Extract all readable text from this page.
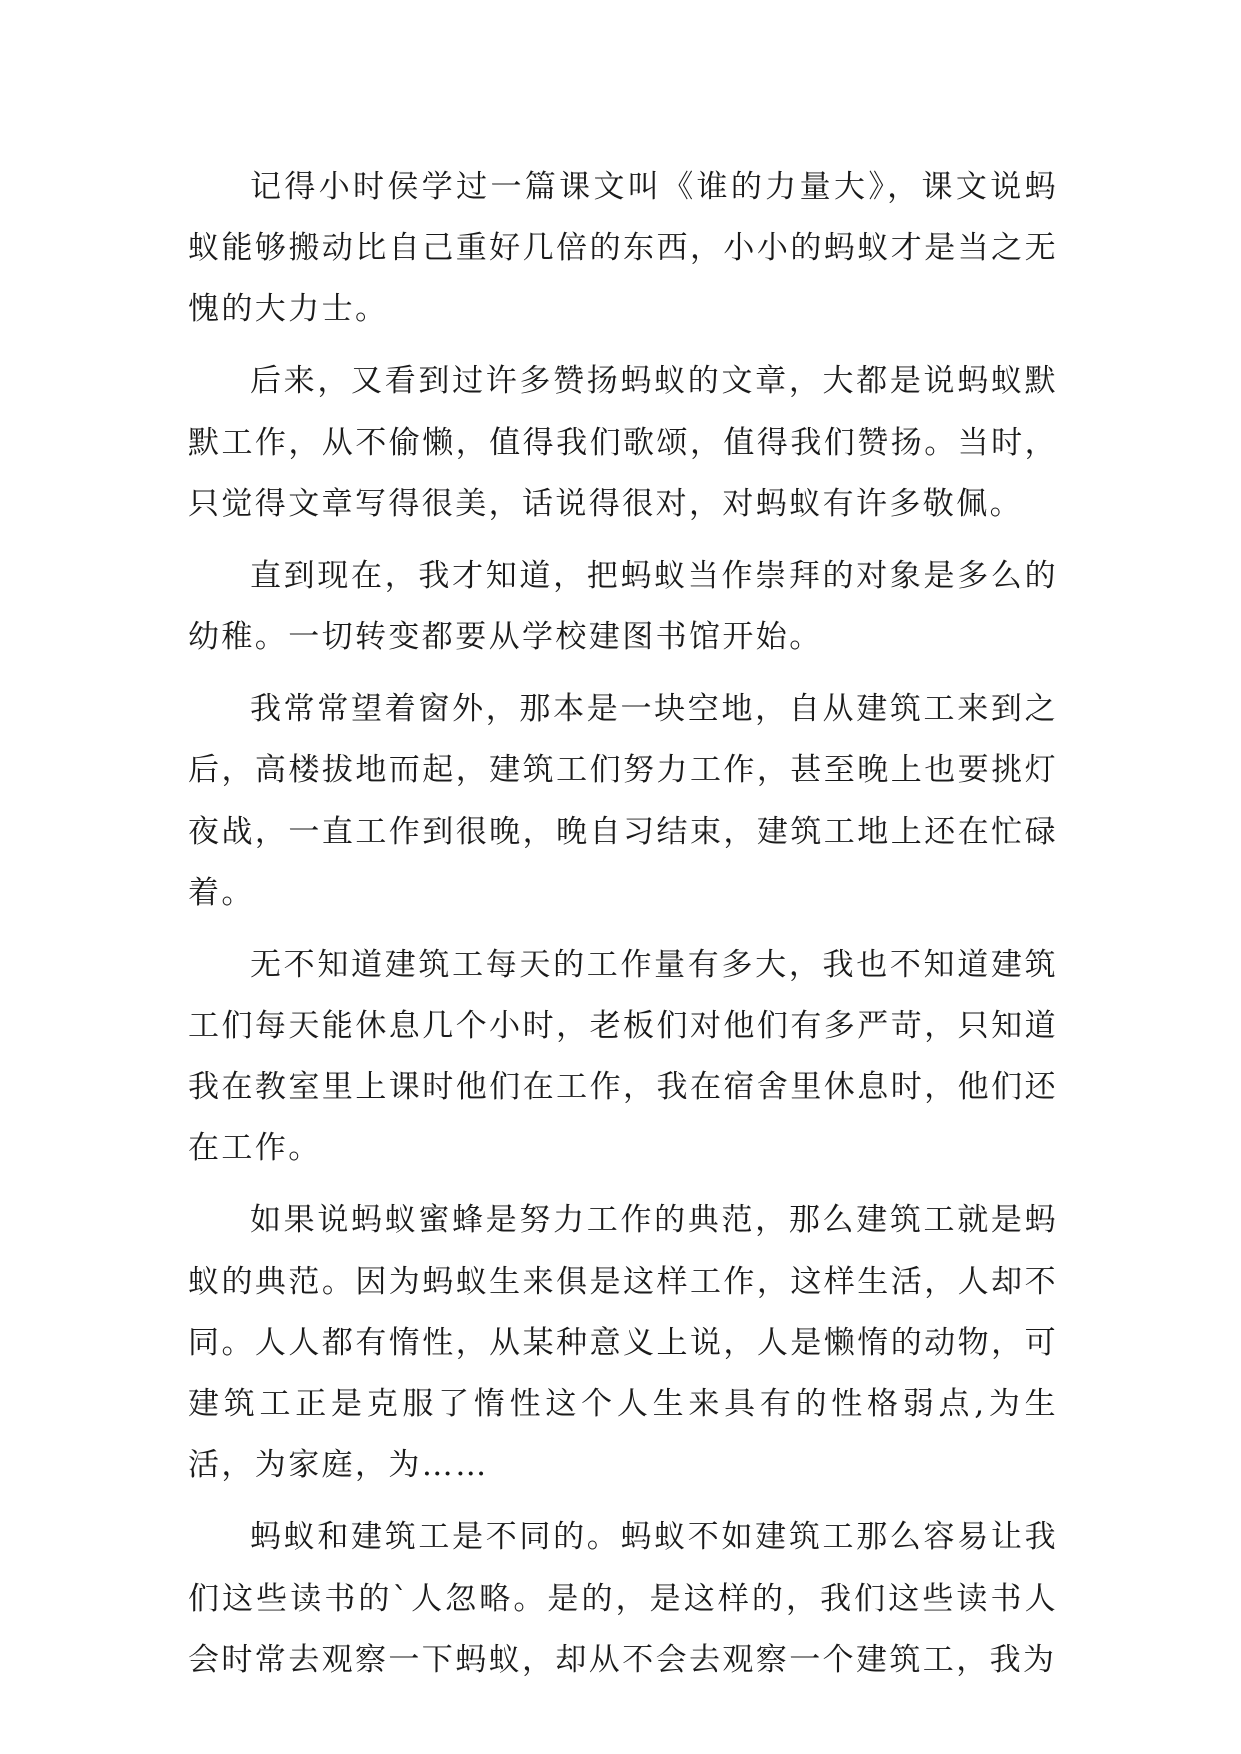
记得小时侯学过一篇课文叫《谁的力量大》，课文说蚂蚁能够搬动比自己重好几倍的东西，小小的蚂蚁才是当之无愧的大力士。

后来，又看到过许多赞扬蚂蚁的文章，大都是说蚂蚁默默工作，从不偷懒，值得我们歌颂，值得我们赞扬。当时，只觉得文章写得很美，话说得很对，对蚂蚁有许多敬佩。

直到现在，我才知道，把蚂蚁当作崇拜的对象是多么的幼稚。一切转变都要从学校建图书馆开始。

我常常望着窗外，那本是一块空地，自从建筑工来到之后，高楼拔地而起，建筑工们努力工作，甚至晚上也要挑灯夜战，一直工作到很晚，晚自习结束，建筑工地上还在忙碌着。

无不知道建筑工每天的工作量有多大，我也不知道建筑工们每天能休息几个小时，老板们对他们有多严苛，只知道我在教室里上课时他们在工作，我在宿舍里休息时，他们还在工作。

如果说蚂蚁蜜蜂是努力工作的典范，那么建筑工就是蚂蚁的典范。因为蚂蚁生来俱是这样工作，这样生活，人却不同。人人都有惰性，从某种意义上说，人是懒惰的动物，可建筑工正是克服了惰性这个人生来具有的性格弱点,为生活，为家庭，为……

蚂蚁和建筑工是不同的。蚂蚁不如建筑工那么容易让我们这些读书的`人忽略。是的，是这样的，我们这些读书人会时常去观察一下蚂蚁，却从不会去观察一个建筑工，我为
